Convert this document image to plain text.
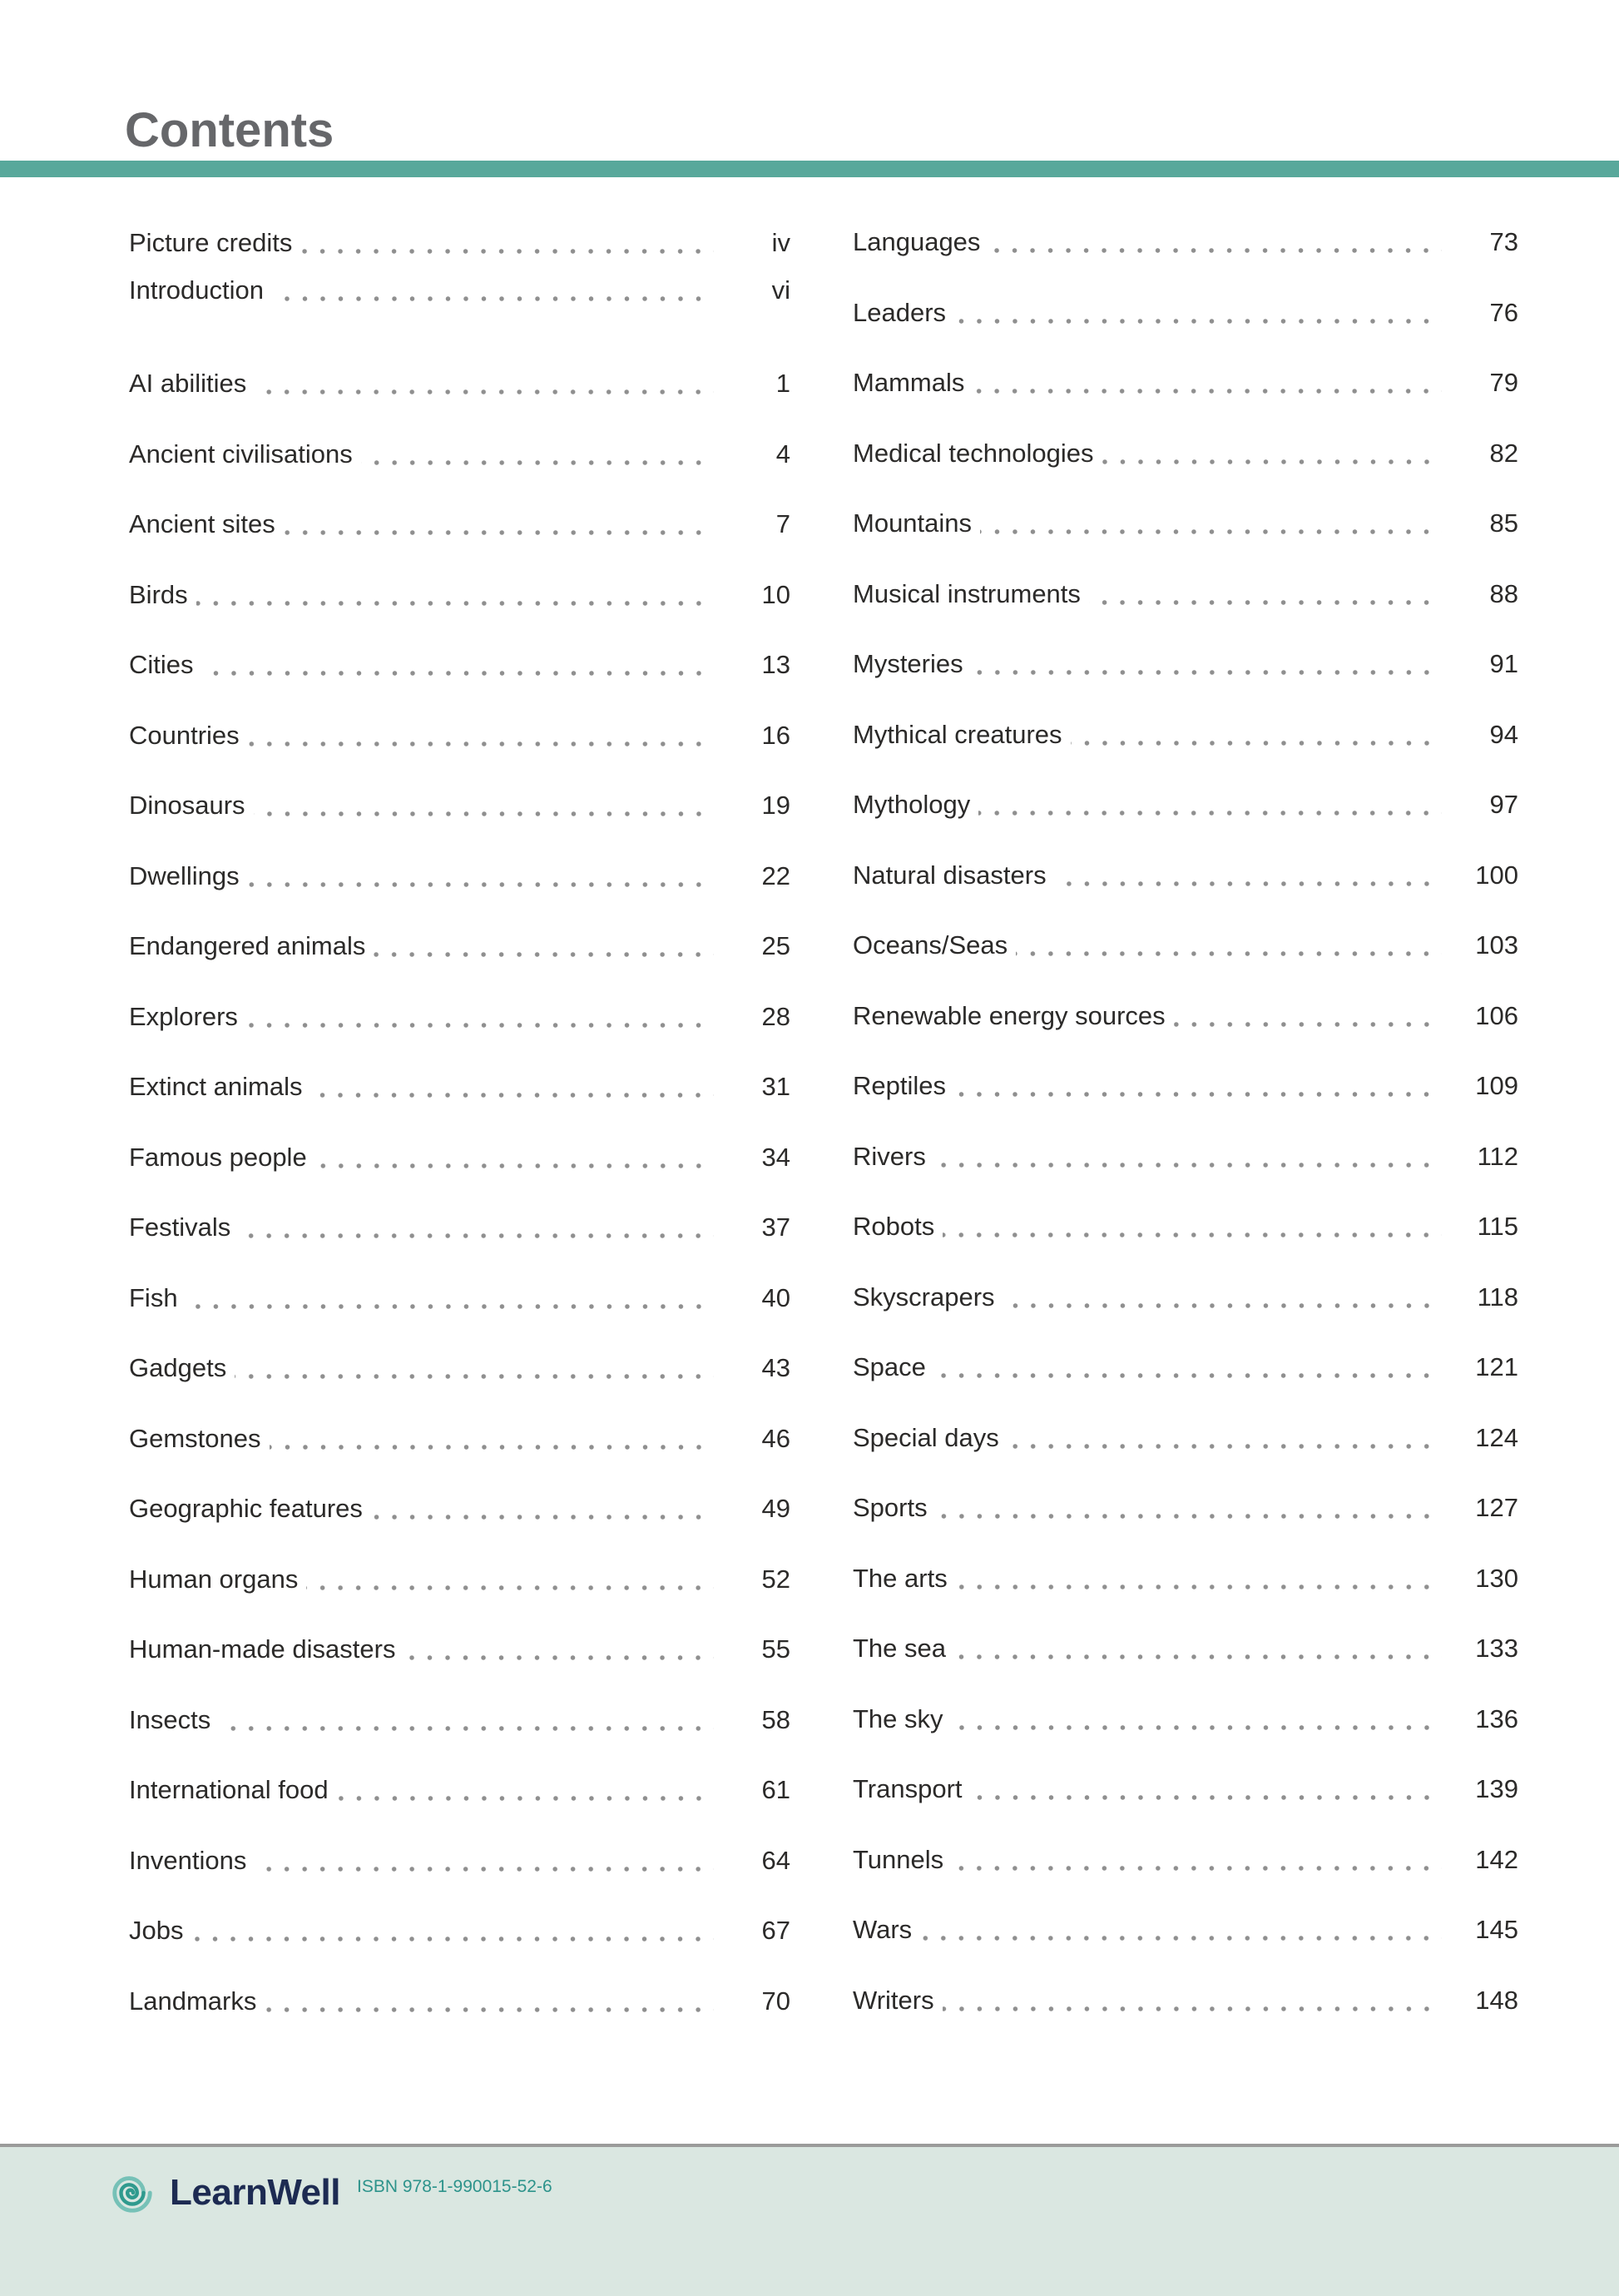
Contents
Picture credits	iv
Introduction	vi
AI abilities	1
Ancient civilisations	4
Ancient sites	7
Birds	10
Cities	13
Countries	16
Dinosaurs	19
Dwellings	22
Endangered animals	25
Explorers	28
Extinct animals	31
Famous people	34
Festivals	37
Fish	40
Gadgets	43
Gemstones	46
Geographic features	49
Human organs	52
Human-made disasters	55
Insects	58
International food	61
Inventions	64
Jobs	67
Landmarks	70
Languages	73
Leaders	76
Mammals	79
Medical technologies	82
Mountains	85
Musical instruments	88
Mysteries	91
Mythical creatures	94
Mythology	97
Natural disasters	100
Oceans/Seas	103
Renewable energy sources	106
Reptiles	109
Rivers	112
Robots	115
Skyscrapers	118
Space	121
Special days	124
Sports	127
The arts	130
The sea	133
The sky	136
Transport	139
Tunnels	142
Wars	145
Writers	148
LearnWell ISBN 978-1-990015-52-6
